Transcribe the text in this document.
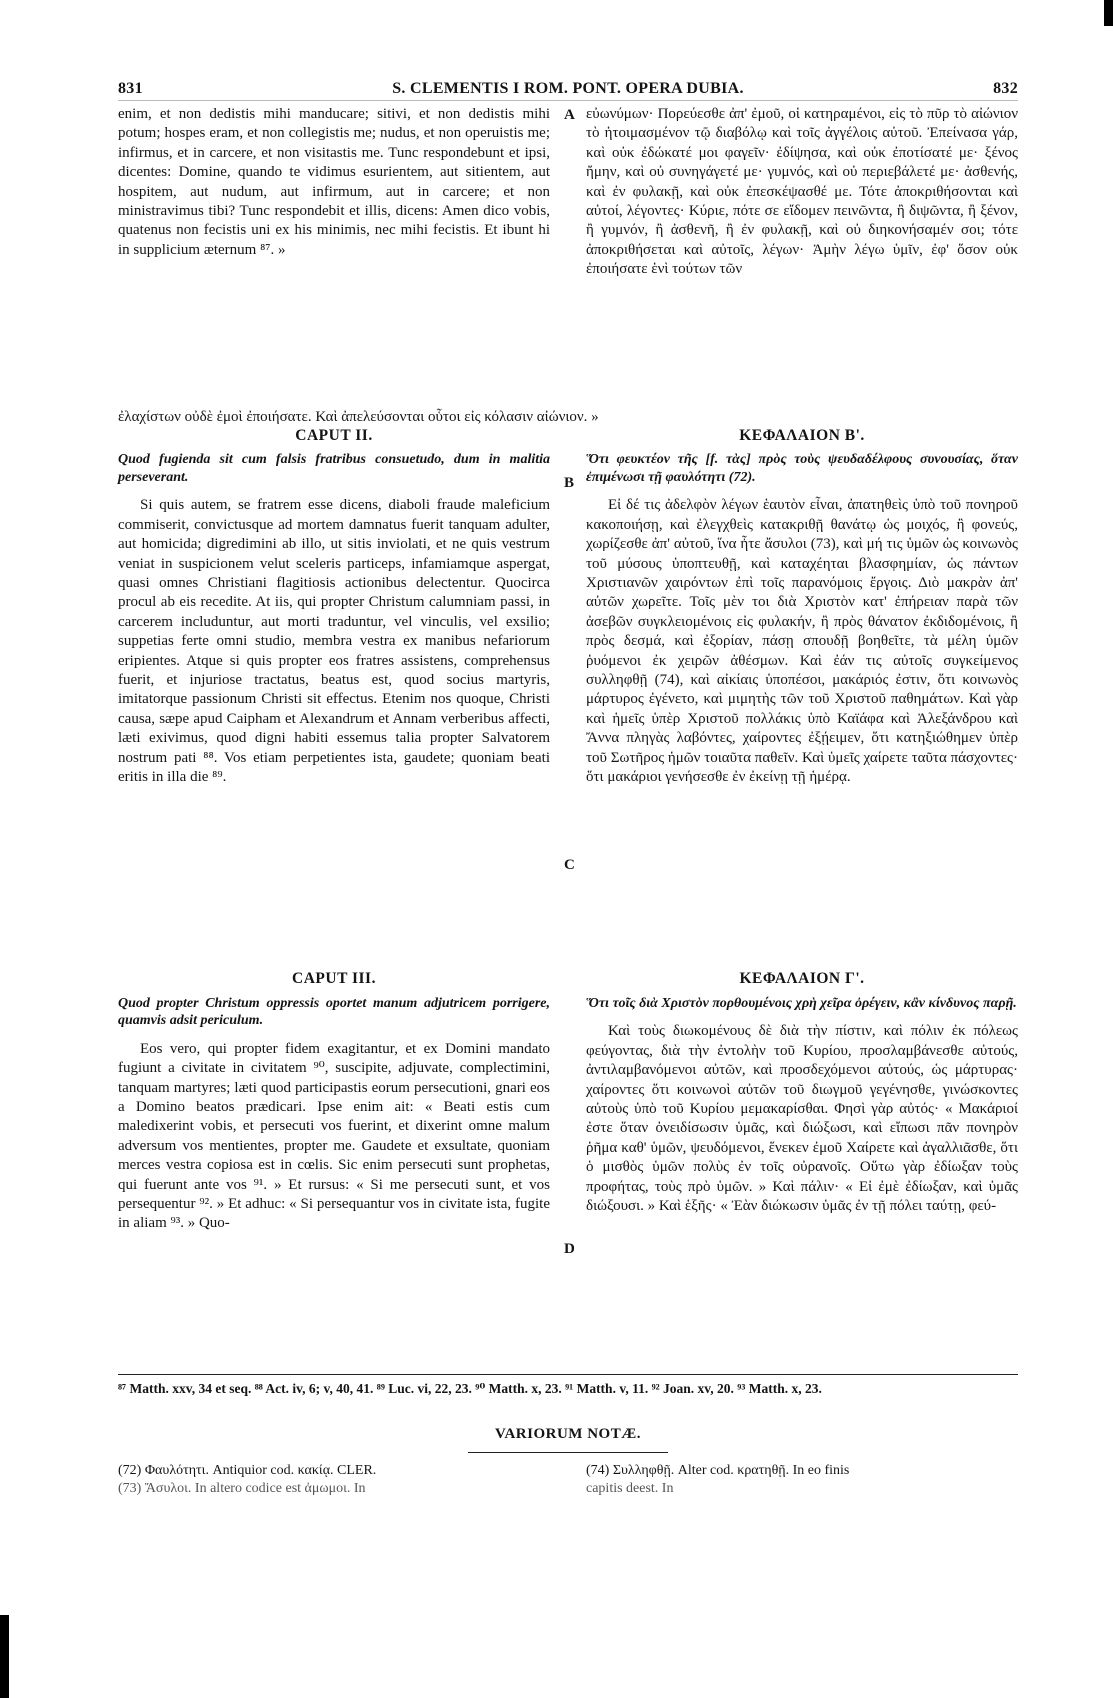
831	S. CLEMENTIS I ROM. PONT. OPERA DUBIA.	832

enim, et non dedistis mihi manducare; sitivi, et non dedistis mihi potum; hospes eram, et non collegistis me; nudus, et non operuistis me; infirmus, et in carcere, et non visitastis me. Tunc respondebunt et ipsi, dicentes: Domine, quando te vidimus esurientem, aut sitientem, aut hospitem, aut nudum, aut infirmum, aut in carcere; et non ministravimus tibi? Tunc respondebit et illis, dicens: Amen dico vobis, quatenus non fecistis uni ex his minimis, nec mihi fecistis. Et ibunt hi in supplicium æternum ⁸⁷. »

CAPUT II.

Quod fugienda sit cum falsis fratribus consuetudo, dum in malitia perseverant.

Si quis autem, se fratrem esse dicens, diaboli fraude maleficium commiserit, convictusque ad mortem damnatus fuerit tanquam adulter, aut homicida; digredimini ab illo, ut sitis inviolati, et ne quis vestrum veniat in suspicionem velut sceleris particeps, infamiamque aspergat, quasi omnes Christiani flagitiosis actionibus delectentur. Quocirca procul ab eis recedite. At iis, qui propter Christum calumniam passi, in carcerem includuntur, aut morti traduntur, vel vinculis, vel exsilio; suppetias ferte omni studio, membra vestra ex manibus nefariorum eripientes. Atque si quis propter eos fratres assistens, comprehensus fuerit, et injuriose tractatus, beatus est, quod socius martyris, imitatorque passionum Christi sit effectus. Etenim nos quoque, Christi causa, sæpe apud Caipham et Alexandrum et Annam verberibus affecti, læti exivimus, quod digni habiti essemus talia propter Salvatorem nostrum pati ⁸⁸. Vos etiam perpetientes ista, gaudete; quoniam beati eritis in illa die ⁸⁹.

CAPUT III.

Quod propter Christum oppressis oportet manum adjutricem porrigere, quamvis adsit periculum.

Eos vero, qui propter fidem exagitantur, et ex Domini mandato fugiunt a civitate in civitatem ⁹⁰, suscipite, adjuvate, complectimini, tanquam martyres; læti quod participastis eorum persecutioni, gnari eos a Domino beatos prædicari. Ipse enim ait: « Beati estis cum maledixerint vobis, et persecuti vos fuerint, et dixerint omne malum adversum vos mentientes, propter me. Gaudete et exsultate, quoniam merces vestra copiosa est in cœlis. Sic enim persecuti sunt prophetas, qui fuerunt ante vos ⁹¹. » Et rursus: « Si me persecuti sunt, et vos persequentur ⁹². » Et adhuc: « Si persequantur vos in civitate ista, fugite in aliam ⁹³. » Quo-

εὐωνύμων· Πορεύεσθε ἀπ' ἐμοῦ, οἱ κατηραμένοι, εἰς τὸ πῦρ τὸ αἰώνιον τὸ ἡτοιμασμένον τῷ διαβόλῳ καὶ τοῖς ἀγγέλοις αὐτοῦ. Ἐπείνασα γάρ, καὶ οὐκ ἐδώκατέ μοι φαγεῖν· ἐδίψησα, καὶ οὐκ ἐποτίσατέ με· ξένος ἤμην, καὶ οὐ συνηγάγετέ με· γυμνός, καὶ οὐ περιεβάλετέ με· ἀσθενής, καὶ ἐν φυλακῇ, καὶ οὐκ ἐπεσκέψασθέ με. Τότε ἀποκριθήσονται καὶ αὐτοί, λέγοντες· Κύριε, πότε σε εἴδομεν πεινῶντα, ἢ διψῶντα, ἢ ξένον, ἢ γυμνόν, ἢ ἀσθενῆ, ἢ ἐν φυλακῇ, καὶ οὐ διηκονήσαμέν σοι; τότε ἀποκριθήσεται καὶ αὐτοῖς, λέγων· Ἀμὴν λέγω ὑμῖν, ἐφ' ὅσον οὐκ ἐποιήσατε ἑνὶ τούτων τῶν

ΚΕΦΑΛΑΙΟΝ Β'.

Ὅτι φευκτέον τῆς [f. τὰς] πρὸς τοὺς ψευδαδέλφους συνουσίας, ὅταν ἐπιμένωσι τῇ φαυλότητι (72).

Εἰ δέ τις ἀδελφὸν λέγων ἑαυτὸν εἶναι, ἀπατηθεὶς ὑπὸ τοῦ πονηροῦ κακοποιήσῃ, καὶ ἐλεγχθεὶς κατακριθῇ θανάτῳ ὡς μοιχός, ἢ φονεύς, χωρίζεσθε ἀπ' αὐτοῦ, ἵνα ἦτε ἄσυλοι (73), καὶ μή τις ὑμῶν ὡς κοινωνὸς τοῦ μύσους ὑποπτευθῇ, καὶ καταχέηται βλασφημίαν, ὡς πάντων Χριστιανῶν χαιρόντων ἐπὶ τοῖς παρανόμοις ἔργοις. Διὸ μακρὰν ἀπ' αὐτῶν χωρεῖτε. Τοῖς μὲν τοι διὰ Χριστὸν κατ' ἐπήρειαν παρὰ τῶν ἀσεβῶν συγκλειομένοις εἰς φυλακήν, ἢ πρὸς θάνατον ἐκδιδομένοις, ἢ πρὸς δεσμά, καὶ ἐξορίαν, πάσῃ σπουδῇ βοηθεῖτε, τὰ μέλη ὑμῶν ῥυόμενοι ἐκ χειρῶν ἀθέσμων. Καὶ ἐάν τις αὐτοῖς συγκείμενος συλληφθῇ (74), καὶ αἰκίαις ὑποπέσοι, μακάριός ἐστιν, ὅτι κοινωνὸς μάρτυρος ἐγένετο, καὶ μιμητὴς τῶν τοῦ Χριστοῦ παθημάτων. Καὶ γὰρ καὶ ἡμεῖς ὑπὲρ Χριστοῦ πολλάκις ὑπὸ Καϊάφα καὶ Ἀλεξάνδρου καὶ Ἄννα πληγὰς λαβόντες, χαίροντες ἐξῄειμεν, ὅτι κατηξιώθημεν ὑπὲρ τοῦ Σωτῆρος ἡμῶν τοιαῦτα παθεῖν. Καὶ ὑμεῖς χαίρετε ταῦτα πάσχοντες· ὅτι μακάριοι γενήσεσθε ἐν ἐκείνῃ τῇ ἡμέρᾳ.

ΚΕΦΑΛΑΙΟΝ Γ'.

Ὅτι τοῖς διὰ Χριστὸν πορθουμένοις χρὴ χεῖρα ὀρέγειν, κἂν κίνδυνος παρῇ.

Καὶ τοὺς διωκομένους δὲ διὰ τὴν πίστιν, καὶ πόλιν ἐκ πόλεως φεύγοντας, διὰ τὴν ἐντολὴν τοῦ Κυρίου, προσλαμβάνεσθε αὐτούς, ἀντιλαμβανόμενοι αὐτῶν, καὶ προσδεχόμενοι αὐτούς, ὡς μάρτυρας· χαίροντες ὅτι κοινωνοὶ αὐτῶν τοῦ διωγμοῦ γεγένησθε, γινώσκοντες αὐτοὺς ὑπὸ τοῦ Κυρίου μεμακαρίσθαι. Φησὶ γὰρ αὐτός· « Μακάριοί ἐστε ὅταν ὀνειδίσωσιν ὑμᾶς, καὶ διώξωσι, καὶ εἴπωσι πᾶν πονηρὸν ῥῆμα καθ' ὑμῶν, ψευδόμενοι, ἕνεκεν ἐμοῦ Χαίρετε καὶ ἀγαλλιᾶσθε, ὅτι ὁ μισθὸς ὑμῶν πολὺς ἐν τοῖς οὐρανοῖς. Οὕτω γὰρ ἐδίωξαν τοὺς προφήτας, τοὺς πρὸ ὑμῶν. » Καὶ πάλιν· « Εἰ ἐμὲ ἐδίωξαν, καὶ ὑμᾶς διώξουσι. » Καὶ ἑξῆς· « Ἐὰν διώκωσιν ὑμᾶς ἐν τῇ πόλει ταύτῃ, φεύ-

A
B
C
D

ἐλαχίστων οὐδὲ ἐμοὶ ἐποιήσατε. Καὶ ἀπελεύσονται οὗτοι εἰς κόλασιν αἰώνιον. »

⁸⁷ Matth. xxv, 34 et seq. ⁸⁸ Act. iv, 6; v, 40, 41. ⁸⁹ Luc. vi, 22, 23. ⁹⁰ Matth. x, 23. ⁹¹ Matth. v, 11. ⁹² Joan. xv, 20. ⁹³ Matth. x, 23.

VARIORUM NOTÆ.

(72) Φαυλότητι. Antiquior cod. κακίᾳ. CLER.

(73) Ἄσυλοι. In altero codice est ἀμωμοι. In

(74) Συλληφθῇ. Alter cod. κρατηθῇ. In eo finis

capitis deest. In
